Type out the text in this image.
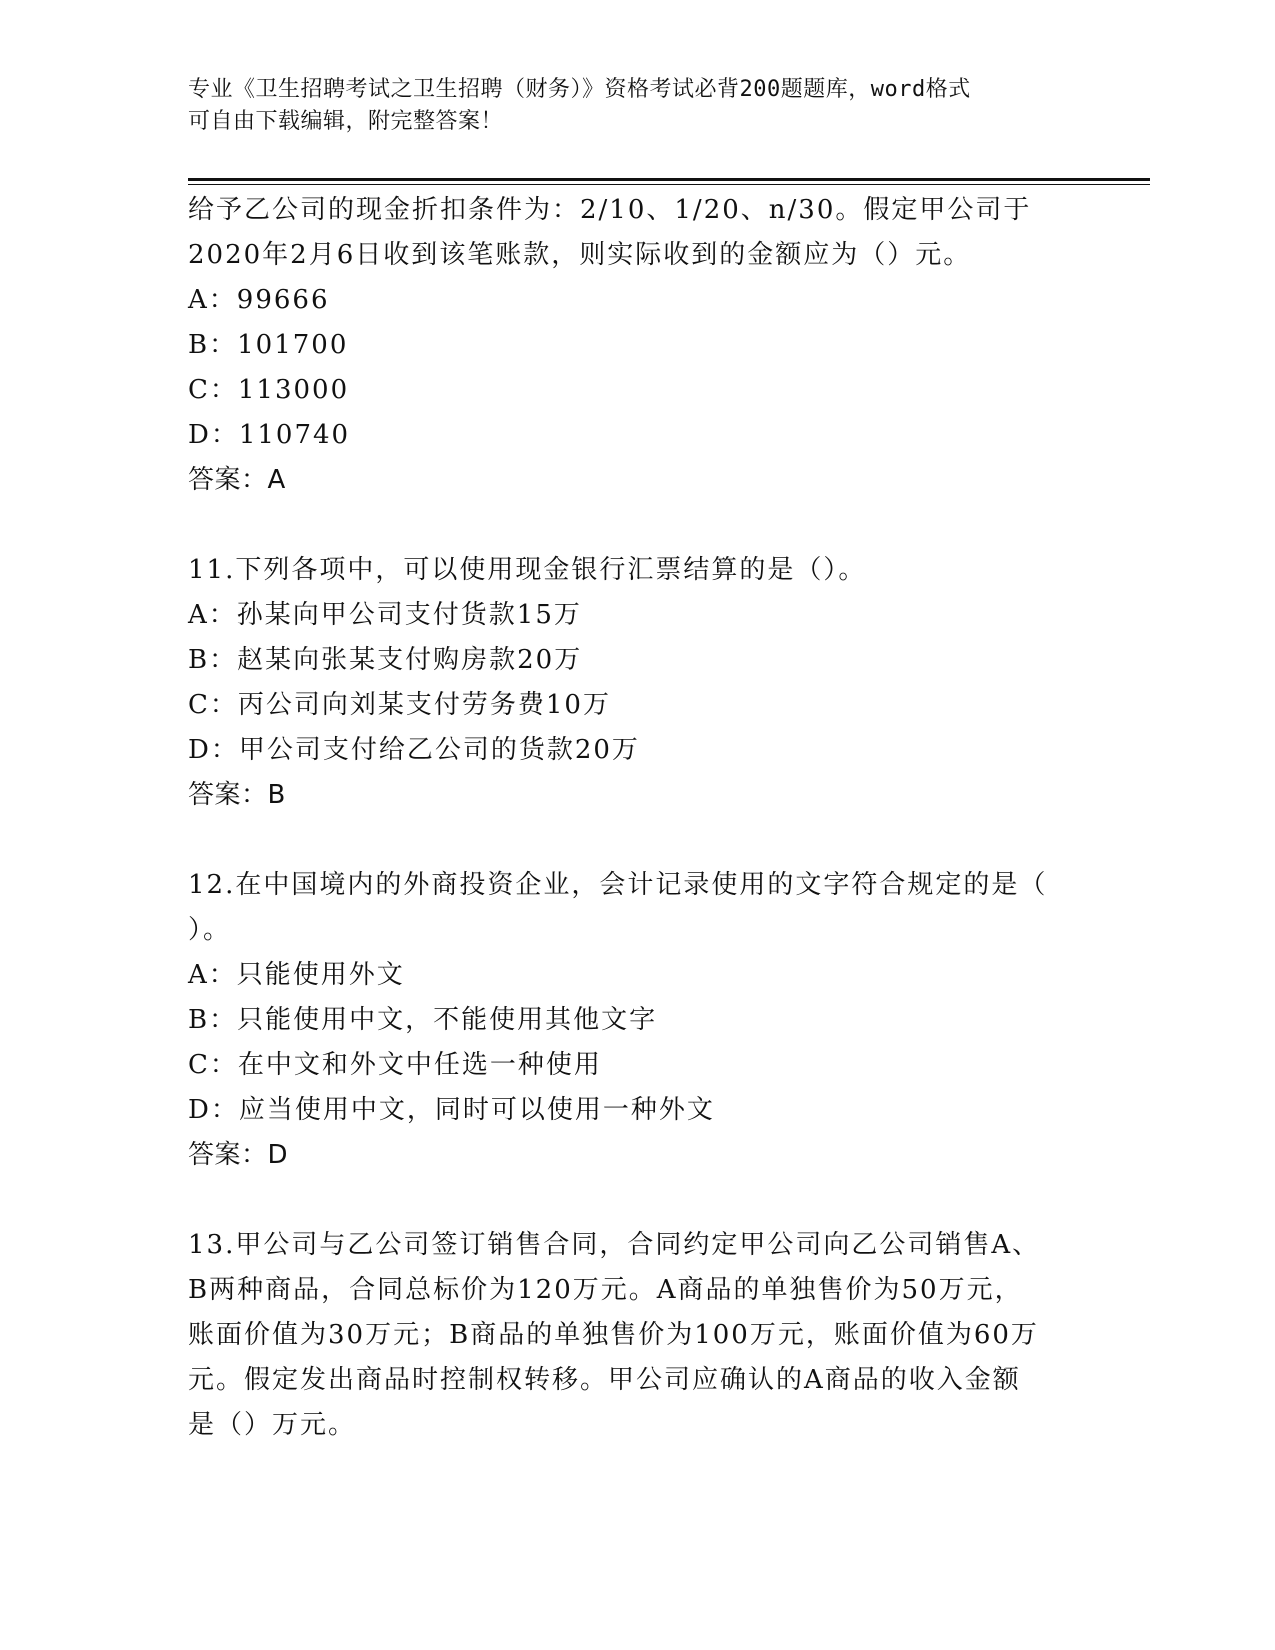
专业《卫生招聘考试之卫生招聘（财务）》资格考试必背200题题库，word格式
可自由下载编辑，附完整答案！
给予乙公司的现金折扣条件为：2/10、1/20、n/30。假定甲公司于
2020年2月6日收到该笔账款，则实际收到的金额应为（）元。
A：99666
B：101700
C：113000
D：110740
答案：A
11.下列各项中，可以使用现金银行汇票结算的是（）。
A：孙某向甲公司支付货款15万
B：赵某向张某支付购房款20万
C：丙公司向刘某支付劳务费10万
D：甲公司支付给乙公司的货款20万
答案：B
12.在中国境内的外商投资企业，会计记录使用的文字符合规定的是（
）。
A：只能使用外文
B：只能使用中文，不能使用其他文字
C：在中文和外文中任选一种使用
D：应当使用中文，同时可以使用一种外文
答案：D
13.甲公司与乙公司签订销售合同，合同约定甲公司向乙公司销售A、
B两种商品，合同总标价为120万元。A商品的单独售价为50万元，
账面价值为30万元；B商品的单独售价为100万元，账面价值为60万
元。假定发出商品时控制权转移。甲公司应确认的A商品的收入金额
是（）万元。
